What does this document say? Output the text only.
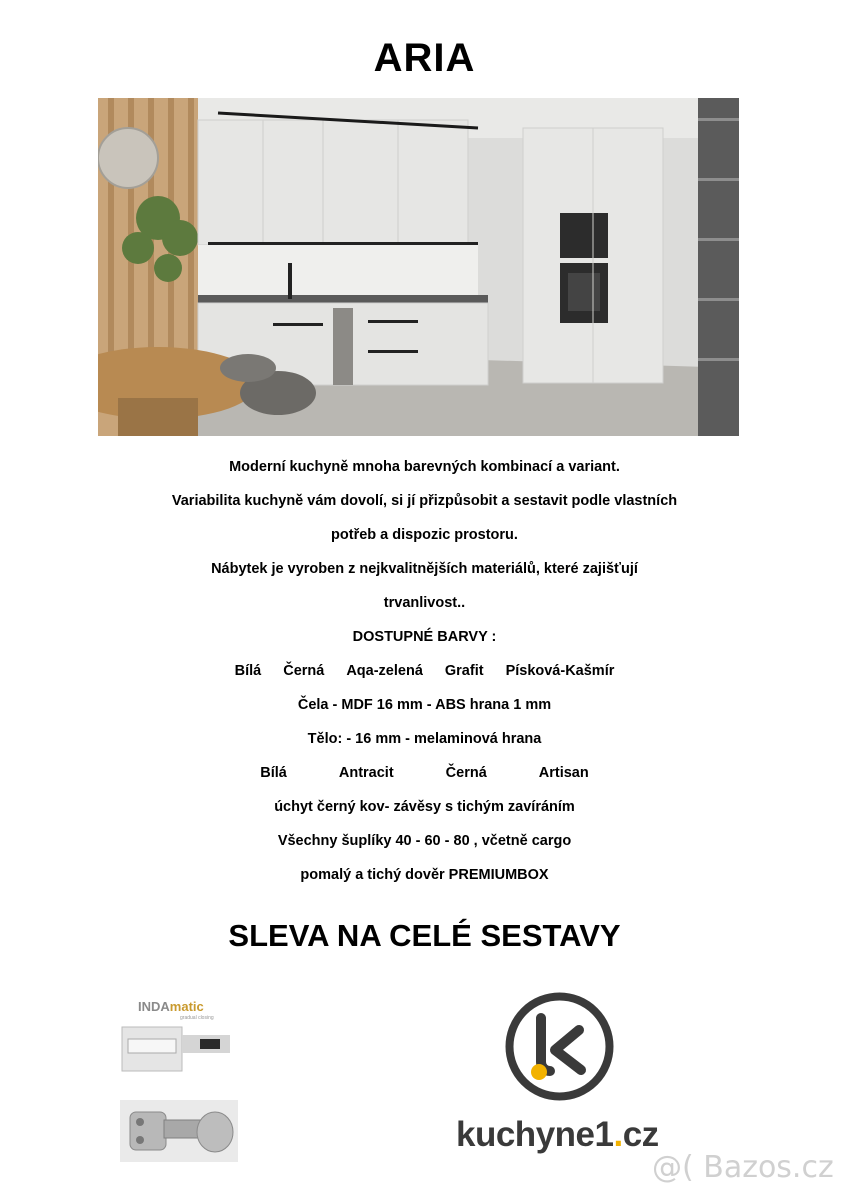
ARIA
Moderní kuchyně mnoha barevných kombinací a variant.
Variabilita kuchyně vám dovolí, si jí přizpůsobit a sestavit podle vlastních
potřeb a dispozic prostoru.
Nábytek je vyroben z nejkvalitnějších materiálů, které zajišťují
trvanlivost..
DOSTUPNÉ BARVY :
Bílá Černá Aqa-zelená Grafit Písková-Kašmír
Čela - MDF 16 mm - ABS hrana 1 mm
Tělo: - 16 mm - melaminová hrana
Bílá	Antracit	Černá	Artisan
úchyt černý kov- závěsy s tichým zavíráním
Všechny šuplíky 40 - 60 - 80 , včetně cargo
pomalý a tichý dověr PREMIUMBOX
SLEVA NA CELÉ SESTAVY
INDAmatic
gradual closing
kuchyne1.cz
@( Bazos.cz
